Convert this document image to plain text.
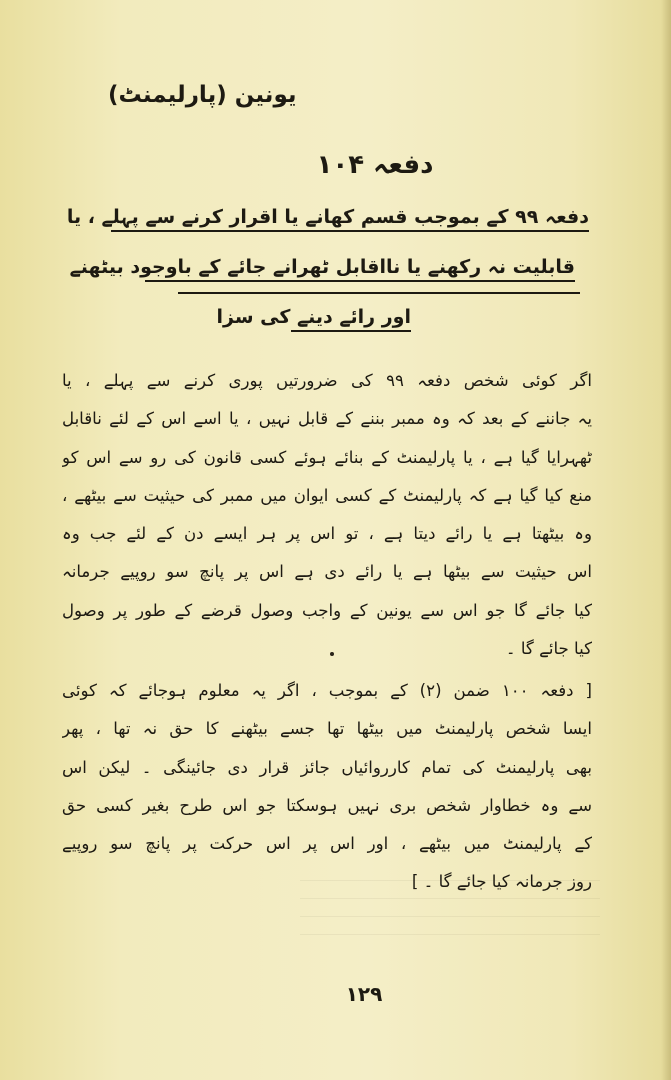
یونین (پارلیمنٹ)
دفعہ ۱۰۴
دفعہ ۹۹ کے بموجب قسم کھانے یا اقرار کرنے سے پہلے ، یا
قابلیت نہ رکھنے یا نااقابل ٹھرانے جائے کے باوجود بیٹھنے
اور رائے دینے کی سزا
اگر کوئی شخص دفعہ ۹۹ کی ضرورتیں پوری کرنے سے پہلے ، یا
یہ جاننے کے بعد کہ وہ ممبر بننے کے قابل نہیں ، یا اسے اس کے لئے ناقابل
ٹھہرایا گیا ہے ، یا پارلیمنٹ کے بنائے ہوئے کسی قانون کی رو سے اس کو
منع کیا گیا ہے کہ پارلیمنٹ کے کسی ایوان میں ممبر کی حیثیت سے بیٹھے ،
وہ بیٹھتا ہے یا رائے دیتا ہے ، تو اس پر ہر ایسے دن کے لئے جب وہ
اس حیثیت سے بیٹھا ہے یا رائے دی ہے اس پر پانچ سو روپیے جرمانہ
کیا جائے گا جو اس سے یونین کے واجب وصول قرضے کے طور پر وصول
کیا جائے گا ۔
[ دفعہ ۱۰۰ ضمن (۲) کے بموجب ، اگر یہ معلوم ہوجائے کہ کوئی
ایسا شخص پارلیمنٹ میں بیٹھا تھا جسے بیٹھنے کا حق نہ تھا ، پھر
بھی پارلیمنٹ کی تمام کارروائیاں جائز قرار دی جائینگی ۔ لیکن اس
سے وہ خطاوار شخص بری نہیں ہوسکتا جو اس طرح بغیر کسی حق
کے پارلیمنٹ میں بیٹھے ، اور اس پر اس حرکت پر پانچ سو روپیے
روز جرمانہ کیا جائے گا ۔ ]
۱۲۹
